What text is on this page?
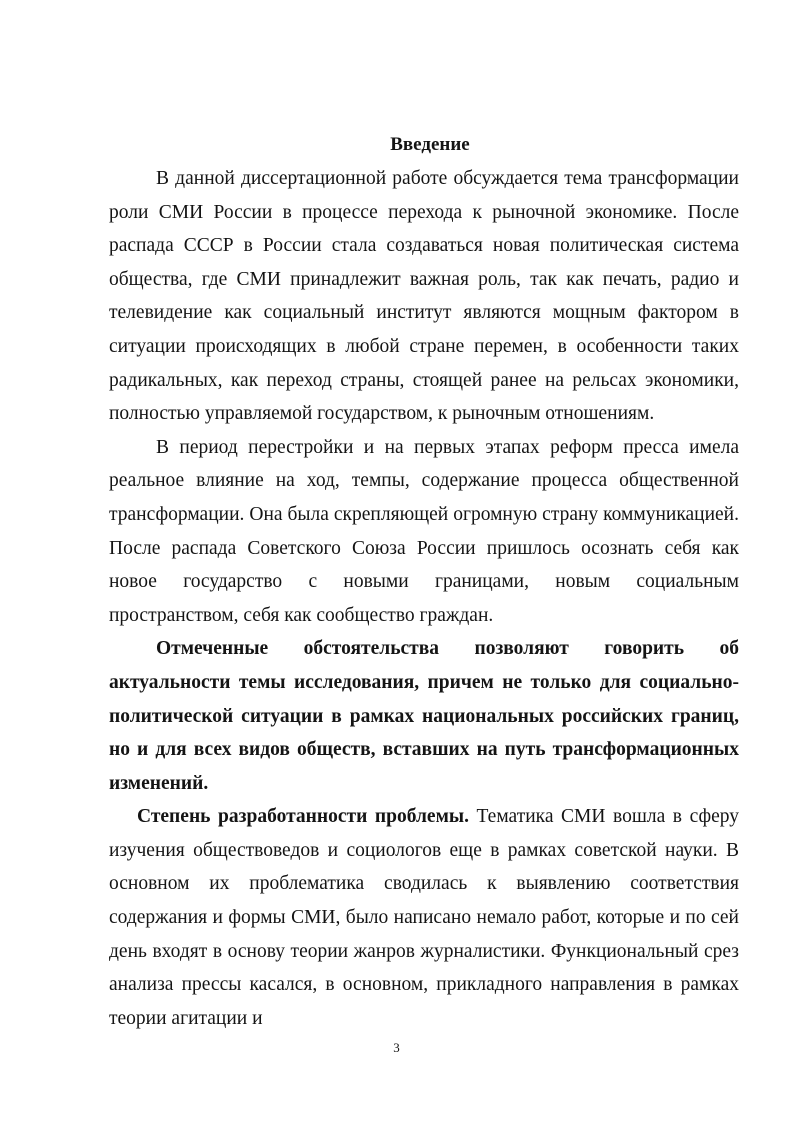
Введение

В данной диссертационной работе обсуждается тема трансформации роли СМИ России в процессе перехода к рыночной экономике. После распада СССР в России стала создаваться новая политическая система общества, где СМИ принадлежит важная роль, так как печать, радио и телевидение как социальный институт являются мощным фактором в ситуации происходящих в любой стране перемен, в особенности таких радикальных, как переход страны, стоящей ранее на рельсах экономики, полностью управляемой государством, к рыночным отношениям.

В период перестройки и на первых этапах реформ пресса имела реальное влияние на ход, темпы, содержание процесса общественной трансформации. Она была скрепляющей огромную страну коммуникацией. После распада Советского Союза России пришлось осознать себя как новое государство с новыми границами, новым социальным пространством, себя как сообщество граждан.

Отмеченные обстоятельства позволяют говорить об актуальности темы исследования, причем не только для социально-политической ситуации в рамках национальных российских границ, но и для всех видов обществ, вставших на путь трансформационных изменений.

Степень разработанности проблемы. Тематика СМИ вошла в сферу изучения обществоведов и социологов еще в рамках советской науки. В основном их проблематика сводилась к выявлению соответствия содержания и формы СМИ, было написано немало работ, которые и по сей день входят в основу теории жанров журналистики. Функциональный срез анализа прессы касался, в основном, прикладного направления в рамках теории агитации и

3
